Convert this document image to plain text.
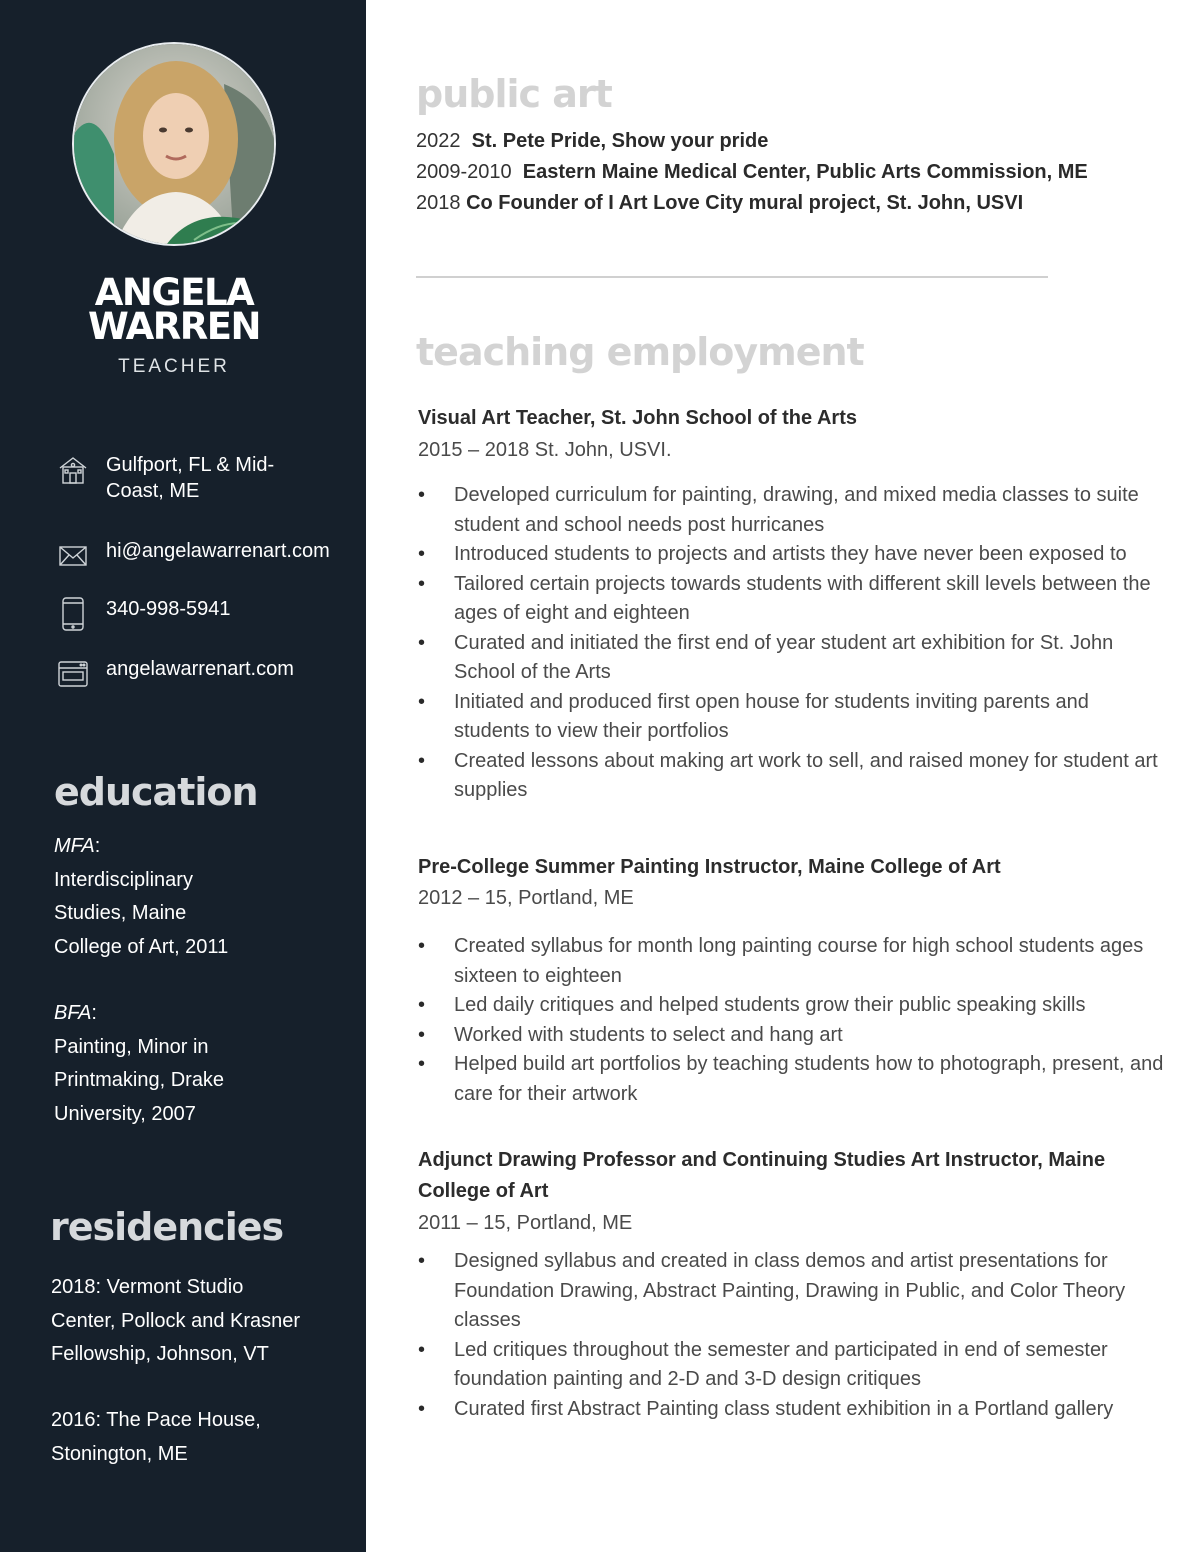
ANGELA
WARREN
TEACHER
Gulfport, FL & Mid-
Coast, ME
hi@angelawarrenart.com
340-998-5941
angelawarrenart.com
education
MFA:
Interdisciplinary
Studies, Maine
College of Art, 2011
BFA:
Painting, Minor in
Printmaking, Drake
University, 2007
residencies
2018: Vermont Studio
Center, Pollock and Krasner
Fellowship, Johnson, VT
2016: The Pace House,
Stonington, ME
public art
2022 St. Pete Pride, Show your pride
2009-2010 Eastern Maine Medical Center, Public Arts Commission, ME
2018 Co Founder of I Art Love City mural project, St. John, USVI
teaching employment
Visual Art Teacher, St. John School of the Arts
2015 – 2018 St. John, USVI.
• Developed curriculum for painting, drawing, and mixed media classes to suite student and school needs post hurricanes
• Introduced students to projects and artists they have never been exposed to
• Tailored certain projects towards students with different skill levels between the ages of eight and eighteen
• Curated and initiated the first end of year student art exhibition for St. John School of the Arts
• Initiated and produced first open house for students inviting parents and students to view their portfolios
• Created lessons about making art work to sell, and raised money for student art supplies
Pre-College Summer Painting Instructor, Maine College of Art
2012 – 15, Portland, ME
• Created syllabus for month long painting course for high school students ages sixteen to eighteen
• Led daily critiques and helped students grow their public speaking skills
• Worked with students to select and hang art
• Helped build art portfolios by teaching students how to photograph, present, and care for their artwork
Adjunct Drawing Professor and Continuing Studies Art Instructor, Maine College of Art
2011 – 15, Portland, ME
• Designed syllabus and created in class demos and artist presentations for Foundation Drawing, Abstract Painting, Drawing in Public, and Color Theory classes
• Led critiques throughout the semester and participated in end of semester foundation painting and 2-D and 3-D design critiques
• Curated first Abstract Painting class student exhibition in a Portland gallery
